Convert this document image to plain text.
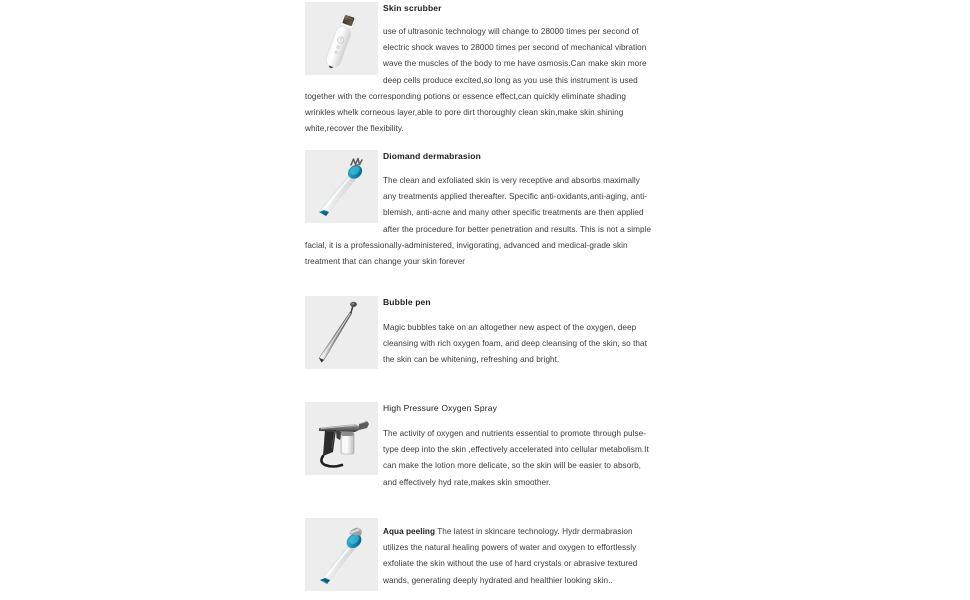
Skin scrubber

use of ultrasonic technology will change to 28000 times per second of electric shock waves to 28000 times per second of mechanical vibration wave the muscles of the body to me have osmosis.Can make skin more deep cells produce excited,so long as you use this instrument is used together with the corresponding potions or essence effect,can quickly eliminate shading wrinkles whelk corneous layer,able to pore dirt thoroughly clean skin,make skin shining white,recover the flexibility.

Diomand dermabrasion

The clean and exfoliated skin is very receptive and absorbs maximally any treatments applied thereafter. Specific anti-oxidants,anti-aging, anti-blemish, anti-acne and many other specific treatments are then applied after the procedure for better penetration and results. This is not a simple facial, it is a professionally-administered, invigorating, advanced and medical-grade skin treatment that can change your skin forever

Bubble pen

Magic bubbles take on an altogether new aspect of the oxygen, deep cleansing with rich oxygen foam, and deep cleansing of the skin, so that the skin can be whitening, refreshing and bright.

High Pressure Oxygen Spray

The activity of oxygen and nutrients essential to promote through pulse-type deep into the skin ,effectively accelerated into cellular metabolism.It can make the lotion more delicate, so the skin will be easier to absorb, and effectively hyd rate,makes skin smoother.

Aqua peeling The latest in skincare technology. Hydr dermabrasion utilizes the natural healing powers of water and oxygen to effortlessly exfoliate the skin without the use of hard crystals or abrasive textured wands, generating deeply hydrated and healthier looking skin..
